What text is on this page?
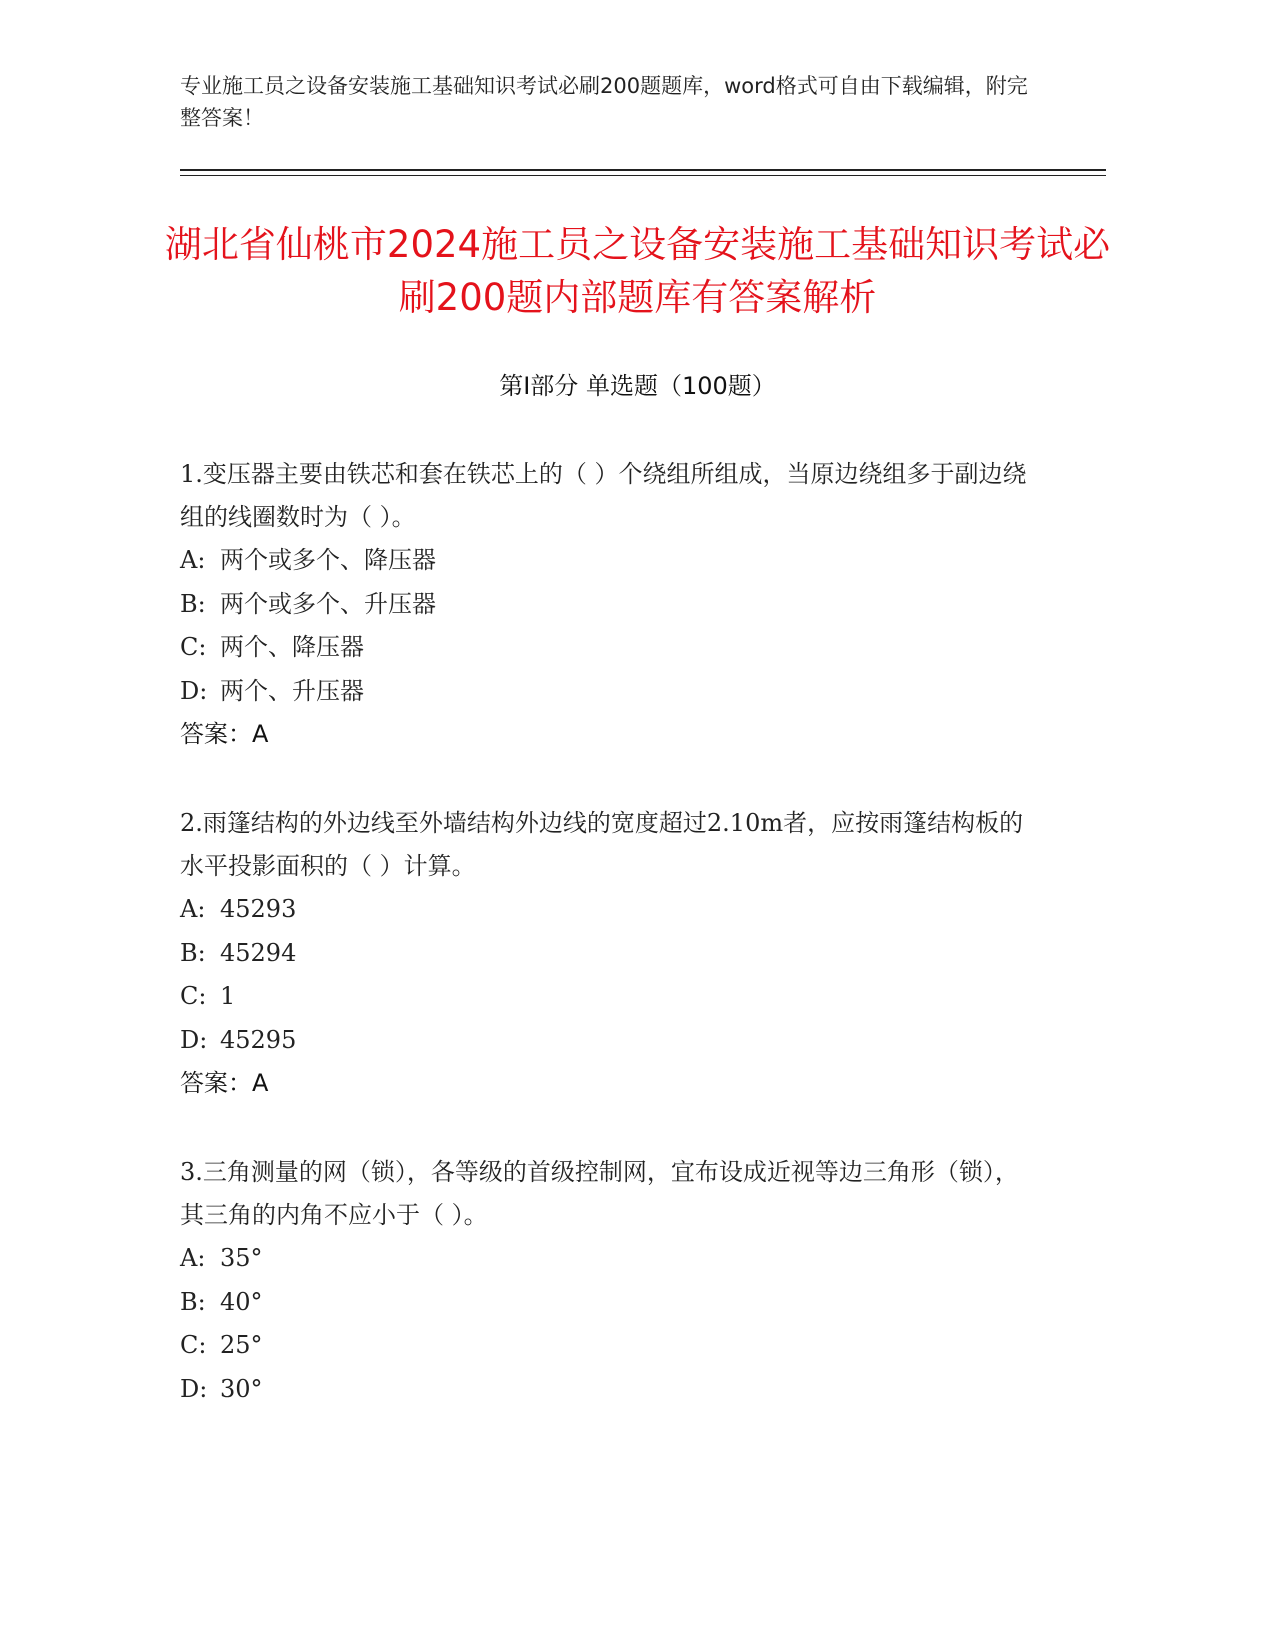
专业施工员之设备安装施工基础知识考试必刷200题题库，word格式可自由下载编辑，附完整答案！
湖北省仙桃市2024施工员之设备安装施工基础知识考试必刷200题内部题库有答案解析
第Ⅰ部分 单选题（100题）

1.变压器主要由铁芯和套在铁芯上的（ ）个绕组所组成，当原边绕组多于副边绕组的线圈数时为（ ）。

A: 两个或多个、降压器
B: 两个或多个、升压器
C: 两个、降压器
D: 两个、升压器

答案：A

2.雨篷结构的外边线至外墙结构外边线的宽度超过2.10m者，应按雨篷结构板的水平投影面积的（ ）计算。

A: 45293
B: 45294
C: 1
D: 45295

答案：A

3.三角测量的网（锁），各等级的首级控制网，宜布设成近视等边三角形（锁），其三角的内角不应小于（ ）。

A: 35°
B: 40°
C: 25°
D: 30°
